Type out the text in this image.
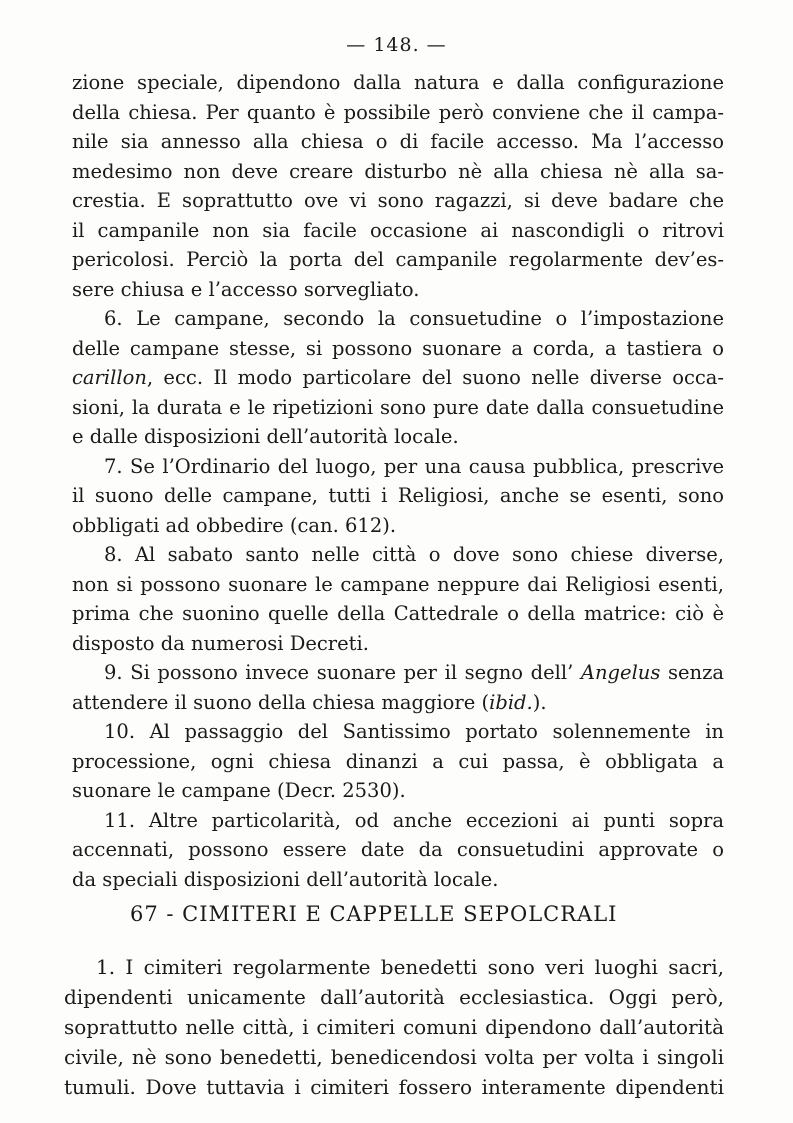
— 148. —
zione speciale, dipendono dalla natura e dalla configurazione
della chiesa. Per quanto è possibile però conviene che il campa-
nile sia annesso alla chiesa o di facile accesso. Ma l’accesso
medesimo non deve creare disturbo nè alla chiesa nè alla sa-
crestia. E soprattutto ove vi sono ragazzi, si deve badare che
il campanile non sia facile occasione ai nascondigli o ritrovi
pericolosi. Perciò la porta del campanile regolarmente dev’es-
sere chiusa e l’accesso sorvegliato.
6. Le campane, secondo la consuetudine o l’impostazione
delle campane stesse, si possono suonare a corda, a tastiera o
carillon, ecc. Il modo particolare del suono nelle diverse occa-
sioni, la durata e le ripetizioni sono pure date dalla consuetudine
e dalle disposizioni dell’autorità locale.
7. Se l’Ordinario del luogo, per una causa pubblica, prescrive
il suono delle campane, tutti i Religiosi, anche se esenti, sono
obbligati ad obbedire (can. 612).
8. Al sabato santo nelle città o dove sono chiese diverse,
non si possono suonare le campane neppure dai Religiosi esenti,
prima che suonino quelle della Cattedrale o della matrice: ciò è
disposto da numerosi Decreti.
9. Si possono invece suonare per il segno dell’ Angelus senza
attendere il suono della chiesa maggiore (ibid.).
10. Al passaggio del Santissimo portato solennemente in
processione, ogni chiesa dinanzi a cui passa, è obbligata a
suonare le campane (Decr. 2530).
11. Altre particolarità, od anche eccezioni ai punti sopra
accennati, possono essere date da consuetudini approvate o
da speciali disposizioni dell’autorità locale.
67 - CIMITERI E CAPPELLE SEPOLCRALI
1. I cimiteri regolarmente benedetti sono veri luoghi sacri,
dipendenti unicamente dall’autorità ecclesiastica. Oggi però,
soprattutto nelle città, i cimiteri comuni dipendono dall’autorità
civile, nè sono benedetti, benedicendosi volta per volta i singoli
tumuli. Dove tuttavia i cimiteri fossero interamente dipendenti
